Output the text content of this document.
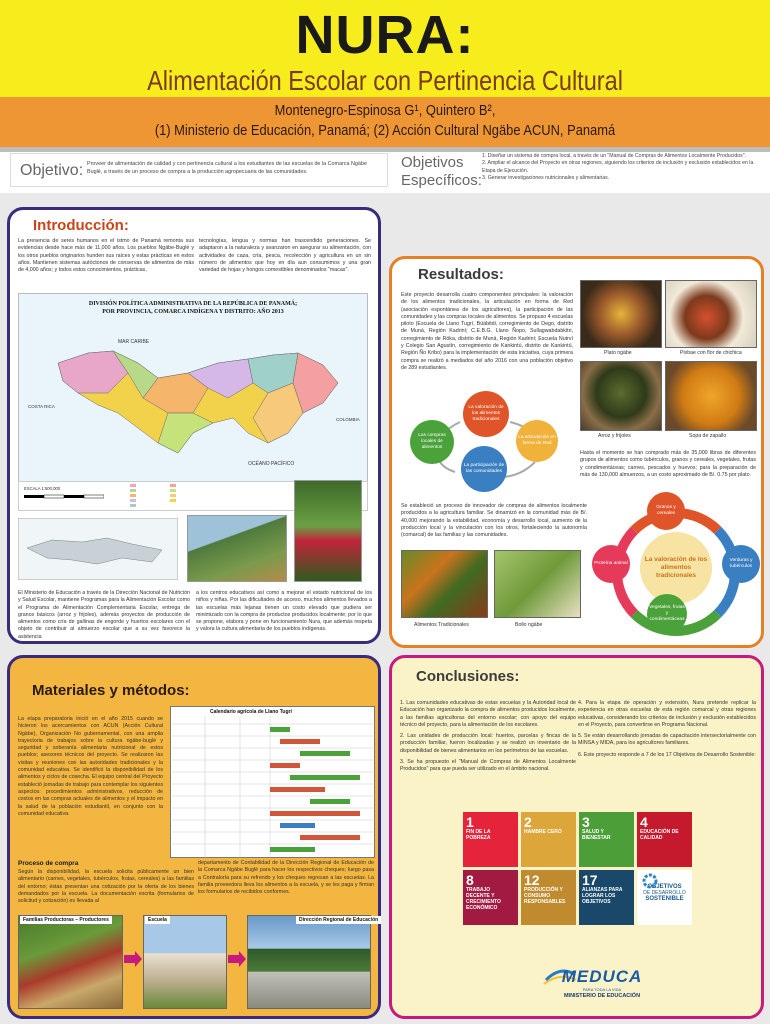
NURA:
Alimentación Escolar con Pertinencia Cultural
Montenegro-Espinosa G¹, Quintero B²,
(1) Ministerio de Educación, Panamá; (2) Acción Cultural Ngäbe ACUN, Panamá
Objetivo: Proveer de alimentación de calidad y con pertinencia cultural a los estudiantes de las escuelas de la Comarca Ngäbe Buglé, a través de un proceso de compra a la producción agropecuaria de las comunidades.
Objetivos
Específicos:
1. Diseñar un sistema de compra local, a través de un "Manual de Compras de Alimentos Localmente Producidos".
2. Ampliar el alcance del Proyecto en otras regiones, siguiendo los criterios de inclusión y exclusión establecidos en la Etapa de Ejecución.
3. Generar investigaciones nutricionales y alimentarias.
Introducción:
La presencia de seres humanos en el istmo de Panamá remonta sus evidencias desde hace más de 11,000 años. Los pueblos Ngäbe-Buglé y los otros pueblos originarios hunden sus raíces y estas prácticas en estos años. Mantienen sistemas autóctonos de conservas de alimentos de más de 4,000 años; y todos estos conocimientos, prácticas,
tecnologías, lengua y normas han trascendido generaciones. Se adaptaron a la naturaleza y avanzaron en asegurar su alimentación, con actividades de caza, cría, pesca, recolección y agricultura en un sin número de alimentos que hoy en día aun consumimos y una gran variedad de hojas y hongos comestibles denominados "macas".
DIVISIÓN POLÍTICA ADMINISTRATIVA DE LA REPÚBLICA DE PANAMÁ;
POR PROVINCIA, COMARCA INDÍGENA Y DISTRITO: AÑO 2013
MAR CARIBE
OCÉANO PACÍFICO
COSTA RICA
COLOMBIA
ESCALA 1:500,000
El Ministerio de Educación a través de la Dirección Nacional de Nutrición y Salud Escolar, mantiene Programas para la Alimentación Escolar como el Programa de Alimentación Complementaria Escolar, entrega de granos básicos (arroz y frijoles), además proyectos de producción de alimentos como cría de gallinas de engorde y huertos escolares con el objeto de contribuir al almuerzo escolar que a su vez favorece la asistencia
a los centros educativos así como a mejorar el estado nutricional de los niños y niñas. Por las dificultades de acceso, muchos alimentos llevados a las escuelas más lejanas tienen un costo elevado que pudiera ser minimizado con la compra de productos producidos localmente; por lo que se propone, elabora y pone en funcionamiento Nura, que además respeta y valora la cultura alimentaria de los pueblos indígenas.
Resultados:
Este proyecto desarrolla cuatro componentes principales: la valoración de los alimentos tradicionales, la articulación en forma de Red (asociación espontánea de los agricultores), la participación de las comunidades y las compras locales de alimentos. Se propuso 4 escuelas piloto (Escuela de Llano Tugrí, Büäbitdi, corregimiento de Dego, distrito de Muná, Región Kadriní; C.E.B.G. Llano Ñopo, Sullagwabdabkitri, corregimiento de Röka, distrito de Muná, Región Kadriní; Escuela Nutrví y Colegio San Agustín, corregimiento de Kankintú, distrito de Kankintú, Región Ño Kribo) para la implementación de esta iniciativa, cuya primera compra se realizó a mediados del año 2016 con una población objetivo de 289 estudiantes.
Plato ngäbe	Pixbae con flor de chichica
Arroz y frijoles	Sopa de zapallo
La valoración de los alimentos tradicionales
La articulación en forma de Red
La participación de las comunidades
Las compras locales de alimentos
Hasta el momento se han comprado más de 35,000 libras de diferentes grupos de alimentos como tubérculos, granos y cereales, vegetales, frutas y condimentáceas; carnes, pescados y huevos; para la preparación de más de 130,000 almuerzos, a un costo aproximado de B/. 0.75 por plato.
Se estableció un proceso de innovador de compras de alimentos localmente producidos a la agricultura familiar. Se dinamizó en la comunidad más de B/. 40,000 mejorando la estabilidad, economía y desarrollo local, aumento de la producción local y la vinculación con los otros, fortaleciendo la autonomía (comarcal) de las familias y las comunidades.
Alimentos Tradicionales	Bollo ngäbe
La valoración de los alimentos tradicionales
Granos y cereales
Verduras y tubérculos
Vegetales, frutas y condimentáceas
Proteína animal
Materiales y métodos:
La etapa preparatoria inició en el año 2015 cuando se hicieron los acercamientos con ACUN (Acción Cultural Ngäbe), Organización No gubernamental, con una amplia trayectoria de trabajos sobre la cultura ngäbe-buglé y seguridad y soberanía alimentaria nutricional de estos pueblos; asesores técnicos del proyecto. Se realizaron las visitas y reuniones con las autoridades tradicionales y la comunidad educativa. Se identificó la disponibilidad de los alimentos y ciclos de cosecha. El equipo central del Proyecto estableció jornadas de trabajo para contemplar los siguientes aspectos: procedimientos administrativos, reducción de costos en las compras actuales de alimentos y el impacto en la salud de la población estudiantil, en conjunto con la comunidad educativa.
Calendario agrícola de Llano Tugrí
Proceso de compra
Según la disponibilidad, la escuela solicita públicamente un bien alimentario (carnes, vegetales, tubérculos, frutas, cereales) a las familias del entorno; éstas presentan una cotización por la oferta de los bienes demandados por la escuela. La documentación escrita (formularios de solicitud y cotización) es llevada al
departamento de Contabilidad de la Dirección Regional de Educación de la Comarca Ngäbe Buglé para hacer los respectivos cheques; luego pasa a Contraloría para su refrendo y los cheques regresan a las escuelas. La familia proveedora lleva los alimentos a la escuela, y se les paga y firman los formularios de recibidos conformes.
Familias Productoras – Productores	Escuela	Dirección Regional de Educación
Conclusiones:
1. Las comunidades educativas de estas escuelas y la Autoridad local de Educación han organizado la compra de alimentos producidos localmente, a las familias agricultoras del entorno escolar; con apoyo del equipo técnico del proyecto, para la alimentación de los escolares.
2. Las unidades de producción local: huertos, parcelas y fincas de la producción familiar, fueron localizadas y se realizó un inventario de la disponibilidad de bienes alimentarios en los perímetros de las escuelas.
3. Se ha propuesto el "Manual de Compras de Alimentos Localmente Producidos" para que pueda ser utilizado en el ámbito nacional.
4. Para la etapa de operación y extensión, Nura pretende replicar la experiencia en otras escuelas de esta región comarcal y otras regiones educativas, considerando los criterios de inclusión y exclusión establecidos en el Proyecto, para convertirse en Programa Nacional.
5. Se están desarrollando jornadas de capacitación intersectorialmente con MINSA y MIDA, para los agricultores familiares.
6. Este proyecto responde a 7 de los 17 Objetivos de Desarrollo Sostenible:
1
FIN DE LA POBREZA
2
HAMBRE CERO
3
SALUD Y BIENESTAR
4
EDUCACIÓN DE CALIDAD
8
TRABAJO DECENTE Y CRECIMIENTO ECONÓMICO
12
PRODUCCIÓN Y CONSUMO RESPONSABLES
17
ALIANZAS PARA LOGRAR LOS OBJETIVOS
OBJETIVOS
DE DESARROLLO
SOSTENIBLE
MEDUCA
PARA TODA LA VIDA
MINISTERIO DE EDUCACIÓN
